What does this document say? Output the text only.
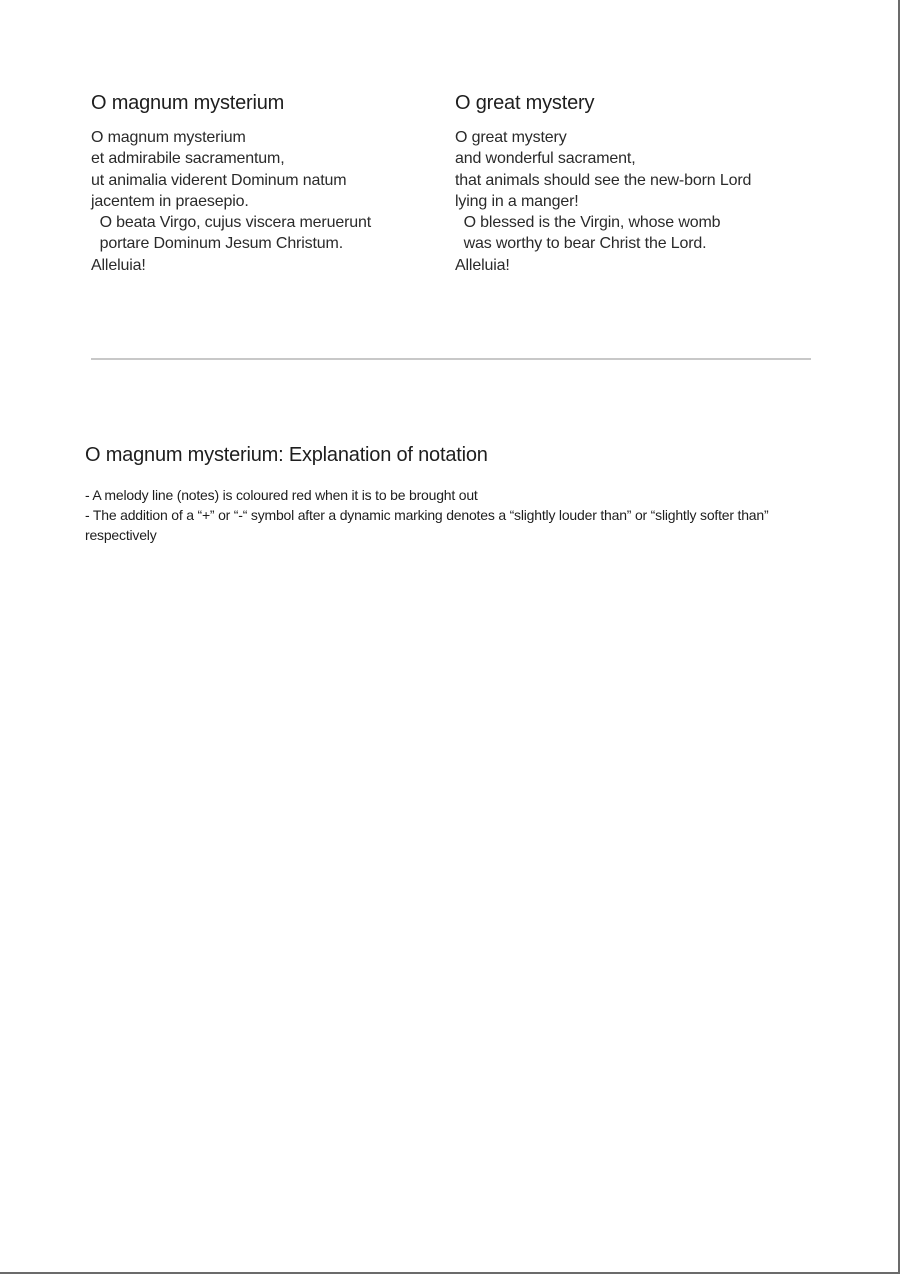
O magnum mysterium
O magnum mysterium
et admirabile sacramentum,
ut animalia viderent Dominum natum
jacentem in praesepio.
O beata Virgo, cujus viscera meruerunt
portare Dominum Jesum Christum.
Alleluia!
O great mystery
O great mystery
and wonderful sacrament,
that animals should see the new-born Lord
lying in a manger!
O blessed is the Virgin, whose womb
was worthy to bear Christ the Lord.
Alleluia!
O magnum mysterium: Explanation of notation
- A melody line (notes) is coloured red when it is to be brought out
- The addition of a “+” or “-“ symbol after a dynamic marking denotes a “slightly louder than” or “slightly softer than” respectively
